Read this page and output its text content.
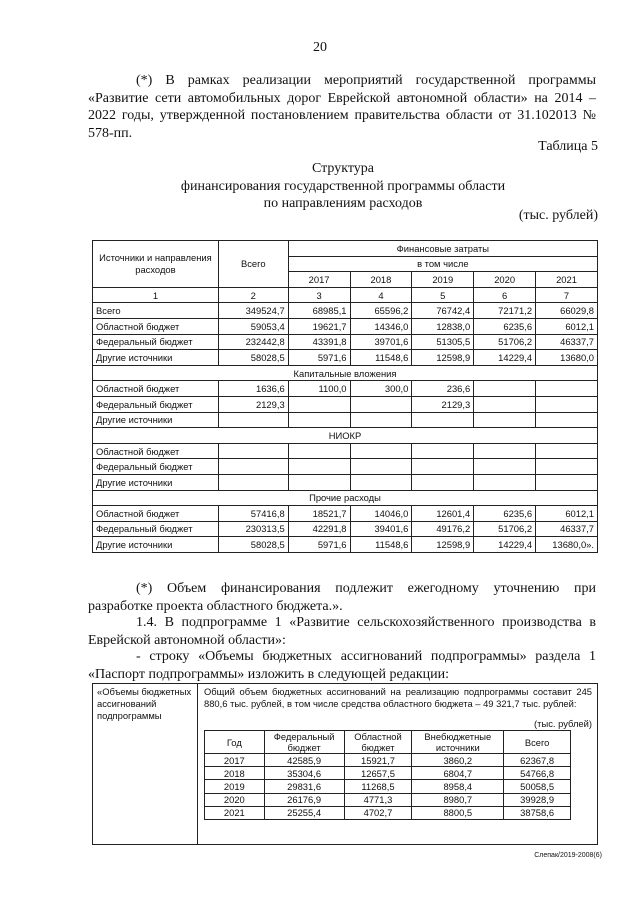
20
(*) В рамках реализации мероприятий государственной программы «Развитие сети автомобильных дорог Еврейской автономной области» на 2014 – 2022 годы, утвержденной постановлением правительства области от 31.102013 № 578-пп.
Таблица 5
Структура
финансирования государственной программы области
по направлениям расходов
(тыс. рублей)
Источники и направления расходов	Всего	Финансовые затраты				
		в том числе				
		2017	2018	2019	2020	2021
1	2	3	4	5	6	7
Всего	349524,7	68985,1	65596,2	76742,4	72171,2	66029,8
Областной бюджет	59053,4	19621,7	14346,0	12838,0	6235,6	6012,1
Федеральный бюджет	232442,8	43391,8	39701,6	51305,5	51706,2	46337,7
Другие источники	58028,5	5971,6	11548,6	12598,9	14229,4	13680,0
Капитальные вложения						
Областной бюджет	1636,6	1100,0	300,0	236,6		
Федеральный бюджет	2129,3			2129,3		
Другие источники						
НИОКР						
Областной бюджет						
Федеральный бюджет						
Другие источники						
Прочие расходы						
Областной бюджет	57416,8	18521,7	14046,0	12601,4	6235,6	6012,1
Федеральный бюджет	230313,5	42291,8	39401,6	49176,2	51706,2	46337,7
Другие источники	58028,5	5971,6	11548,6	12598,9	14229,4	13680,0».
(*) Объем финансирования подлежит ежегодному уточнению при разработке проекта областного бюджета.».
1.4. В подпрограмме 1 «Развитие сельскохозяйственного производства в Еврейской автономной области»:
- строку «Объемы бюджетных ассигнований подпрограммы» раздела 1 «Паспорт подпрограммы» изложить в следующей редакции:
«Объемы бюджетных ассигнований подпрограммы
Общий объем бюджетных ассигнований на реализацию подпрограммы составит 245 880,6 тыс. рублей, в том числе средства областного бюджета – 49 321,7 тыс. рублей:
(тыс. рублей)
Год	Федеральный бюджет	Областной бюджет	Внебюджетные источники	Всего
2017	42585,9	15921,7	3860,2	62367,8
2018	35304,6	12657,5	6804,7	54766,8
2019	29831,6	11268,5	8958,4	50058,5
2020	26176,9	4771,3	8980,7	39928,9
2021	25255,4	4702,7	8800,5	38758,6
Слепак/2019-2008(6)
